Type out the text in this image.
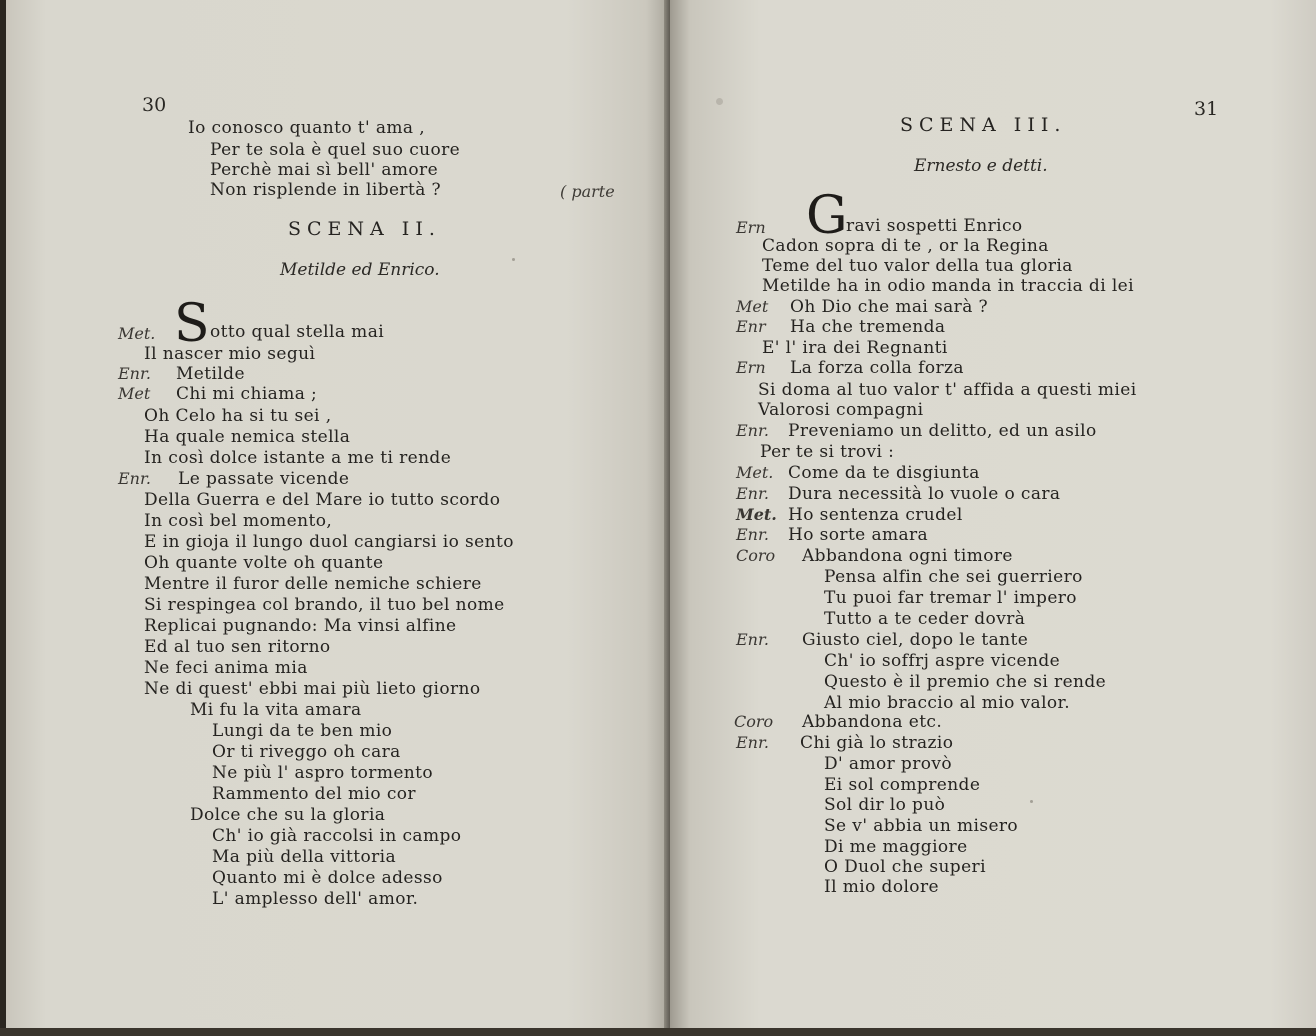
30
Io conosco quanto t' ama ,
Per te sola è quel suo cuore
Perchè mai sì bell' amore
Non risplende in libertà ?	( parte
SCENA II.
Metilde ed Enrico.
Met. S otto qual stella mai
Il nascer mio seguì
Enr. Metilde
Met Chi mi chiama ;
Oh Celo ha si tu sei ,
Ha quale nemica stella
In così dolce istante a me ti rende
Enr. Le passate vicende
Della Guerra e del Mare io tutto scordo
In così bel momento,
E in gioja il lungo duol cangiarsi io sento
Oh quante volte oh quante
Mentre il furor delle nemiche schiere
Si respingea col brando, il tuo bel nome
Replicai pugnando: Ma vinsi alfine
Ed al tuo sen ritorno
Ne feci anima mia
Ne di quest' ebbi mai più lieto giorno
Mi fu la vita amara
Lungi da te ben mio
Or ti riveggo oh cara
Ne più l' aspro tormento
Rammento del mio cor
Dolce che su la gloria
Ch' io già raccolsi in campo
Ma più della vittoria
Quanto mi è dolce adesso
L' amplesso dell' amor.
31
SCENA III.
Ernesto e detti.
Ern G
ravi sospetti Enrico
Cadon sopra di te , or la Regina
Teme del tuo valor della tua gloria
Metilde ha in odio manda in traccia di lei
Met Oh Dio che mai sarà ?
Enr Ha che tremenda
E' l' ira dei Regnanti
Ern La forza colla forza
Si doma al tuo valor t' affida a questi miei
Valorosi compagni
Enr. Preveniamo un delitto, ed un asilo
Per te si trovi :
Met. Come da te disgiunta
Enr. Dura necessità lo vuole o cara
Met. Ho sentenza crudel
Enr. Ho sorte amara
Coro Abbandona ogni timore
Pensa alfin che sei guerriero
Tu puoi far tremar l' impero
Tutto a te ceder dovrà
Enr. Giusto ciel, dopo le tante
Ch' io soffrj aspre vicende
Questo è il premio che si rende
Al mio braccio al mio valor.
Coro Abbandona etc.
Enr. Chi già lo strazio
D' amor provò
Ei sol comprende
Sol dir lo può
Se v' abbia un misero
Di me maggiore
O Duol che superi
Il mio dolore
